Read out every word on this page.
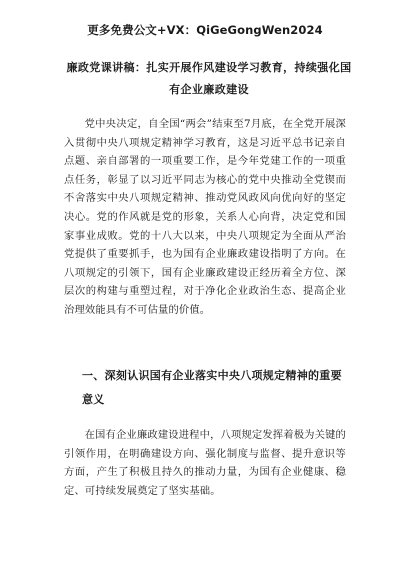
更多免费公文+VX：QiGeGongWen2024
廉政党课讲稿：扎实开展作风建设学习教育，持续强化国有企业廉政建设
党中央决定，自全国“两会”结束至7月底，在全党开展深入贯彻中央八项规定精神学习教育，这是习近平总书记亲自点题、亲自部署的一项重要工作，是今年党建工作的一项重点任务，彰显了以习近平同志为核心的党中央推动全党锲而不舍落实中央八项规定精神、推动党风政风向优向好的坚定决心。党的作风就是党的形象，关系人心向背，决定党和国家事业成败。党的十八大以来，中央八项规定为全面从严治党提供了重要抓手，也为国有企业廉政建设指明了方向。在八项规定的引领下，国有企业廉政建设正经历着全方位、深层次的构建与重塑过程，对于净化企业政治生态、提高企业治理效能具有不可估量的价值。
一、深刻认识国有企业落实中央八项规定精神的重要意义
在国有企业廉政建设进程中，八项规定发挥着极为关键的引领作用，在明确建设方向、强化制度与监督、提升意识等方面，产生了积极且持久的推动力量，为国有企业健康、稳定、可持续发展奠定了坚实基础。
